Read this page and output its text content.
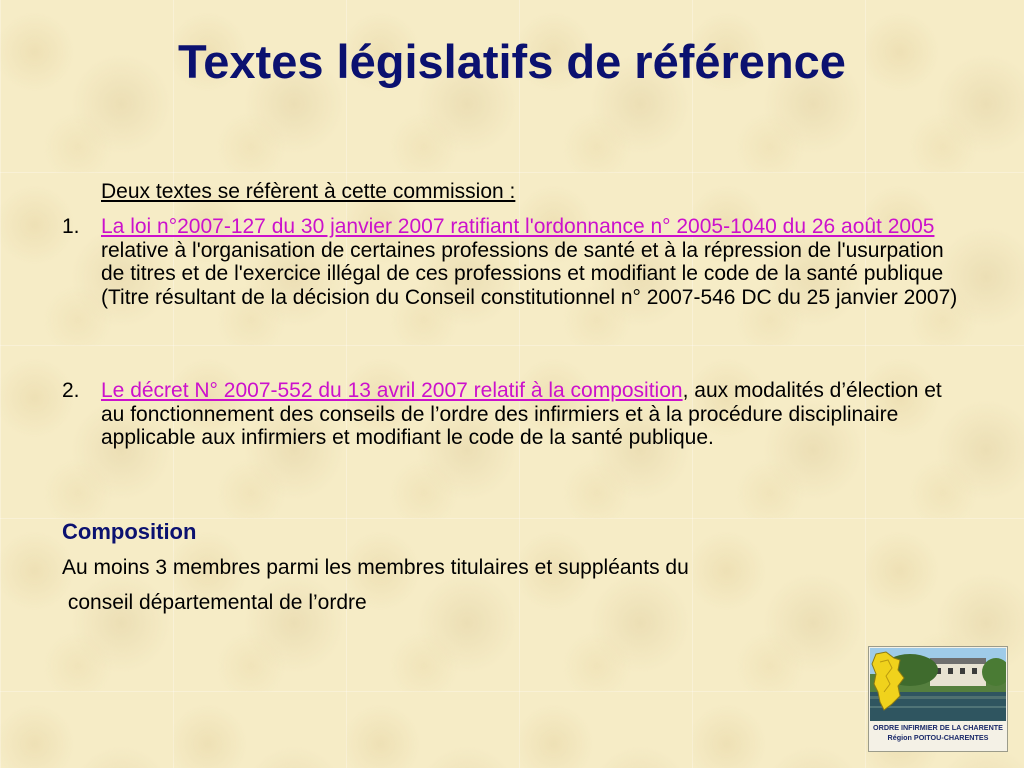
Textes législatifs de référence
Deux textes se réfèrent à cette commission :
1.	La loi n°2007-127 du 30 janvier 2007 ratifiant l'ordonnance n° 2005-1040 du 26 août 2005 relative à l'organisation de certaines professions de santé et à la répression de l'usurpation de titres et de l'exercice illégal de ces professions et modifiant le code de la santé publique (Titre résultant de la décision du Conseil constitutionnel n° 2007-546 DC du 25 janvier 2007)
2.	Le décret N° 2007-552 du 13 avril 2007 relatif à la composition, aux modalités d’élection et au fonctionnement des conseils de l’ordre des infirmiers et à la procédure disciplinaire applicable aux infirmiers et modifiant le code de la santé publique.
Composition
Au moins 3 membres parmi les membres titulaires et suppléants du
conseil départemental de l’ordre
ORDRE INFIRMIER DE LA CHARENTE
Région POITOU-CHARENTES
